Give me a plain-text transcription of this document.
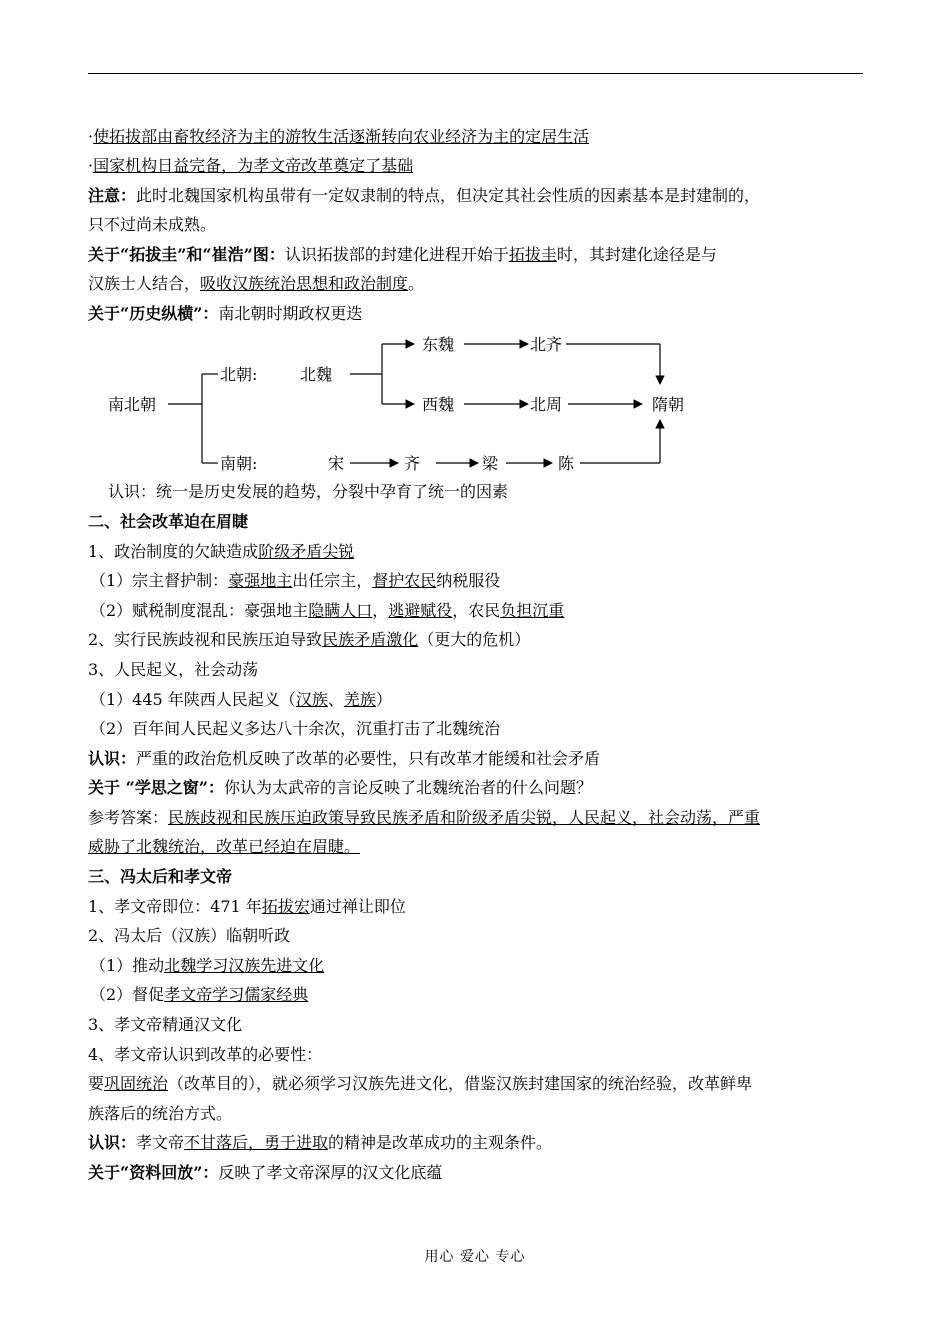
·使拓拔部由畜牧经济为主的游牧生活逐渐转向农业经济为主的定居生活
·国家机构日益完备，为孝文帝改革奠定了基础
注意：此时北魏国家机构虽带有一定奴隶制的特点，但决定其社会性质的因素基本是封建制的，
只不过尚未成熟。
关于“拓拔圭”和“崔浩”图：认识拓拔部的封建化进程开始于拓拔圭时，其封建化途径是与
汉族士人结合，吸收汉族统治思想和政治制度。
关于“历史纵横”：南北朝时期政权更迭
南北朝
北朝:	北魏
东魏	北齐
西魏	北周	隋朝
南朝:	宋	齐	梁	陈
认识：统一是历史发展的趋势，分裂中孕育了统一的因素
二、社会改革迫在眉睫
1、政治制度的欠缺造成阶级矛盾尖锐
（1）宗主督护制：豪强地主出任宗主，督护农民纳税服役
（2）赋税制度混乱：豪强地主隐瞒人口，逃避赋役，农民负担沉重
2、实行民族歧视和民族压迫导致民族矛盾激化（更大的危机）
3、人民起义，社会动荡
（1）445 年陕西人民起义（汉族、羌族）
（2）百年间人民起义多达八十余次，沉重打击了北魏统治
认识：严重的政治危机反映了改革的必要性，只有改革才能缓和社会矛盾
关于 “学思之窗”：你认为太武帝的言论反映了北魏统治者的什么问题？
参考答案：民族歧视和民族压迫政策导致民族矛盾和阶级矛盾尖锐，人民起义，社会动荡，严重
威胁了北魏统治，改革已经迫在眉睫。
三、冯太后和孝文帝
1、孝文帝即位：471 年拓拔宏通过禅让即位
2、冯太后（汉族）临朝听政
（1）推动北魏学习汉族先进文化
（2）督促孝文帝学习儒家经典
3、孝文帝精通汉文化
4、孝文帝认识到改革的必要性：
要巩固统治（改革目的），就必须学习汉族先进文化，借鉴汉族封建国家的统治经验，改革鲜卑
族落后的统治方式。
认识：孝文帝不甘落后，勇于进取的精神是改革成功的主观条件。
关于“资料回放”：反映了孝文帝深厚的汉文化底蕴
用心 爱心 专心
